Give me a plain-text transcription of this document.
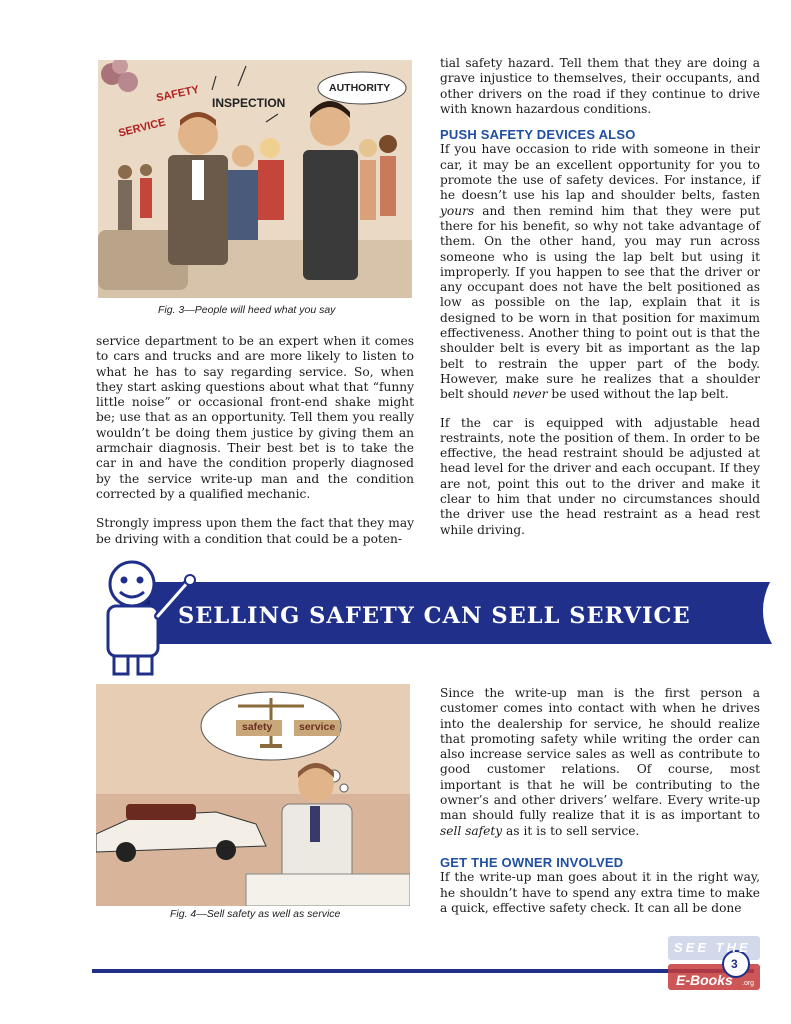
SAFETY INSPECTION
SERVICE
AUTHORITY
Fig. 3—People will heed what you say

service department to be an expert when it comes to cars and trucks and are more likely to listen to what he has to say regarding service. So, when they start asking questions about what that “funny little noise” or occasional front-end shake might be; use that as an opportunity. Tell them you really wouldn’t be doing them justice by giving them an armchair diagnosis. Their best bet is to take the car in and have the condition properly diagnosed by the service write-up man and the condition corrected by a qualified mechanic.

Strongly impress upon them the fact that they may be driving with a condition that could be a poten-

tial safety hazard. Tell them that they are doing a grave injustice to themselves, their occupants, and other drivers on the road if they continue to drive with known hazardous conditions.

PUSH SAFETY DEVICES ALSO

If you have occasion to ride with someone in their car, it may be an excellent opportunity for you to promote the use of safety devices. For instance, if he doesn’t use his lap and shoulder belts, fasten yours and then remind him that they were put there for his benefit, so why not take advantage of them. On the other hand, you may run across someone who is using the lap belt but using it improperly. If you happen to see that the driver or any occupant does not have the belt positioned as low as possible on the lap, explain that it is designed to be worn in that position for maximum effectiveness. Another thing to point out is that the shoulder belt is every bit as important as the lap belt to restrain the upper part of the body. However, make sure he realizes that a shoulder belt should never be used without the lap belt.

If the car is equipped with adjustable head restraints, note the position of them. In order to be effective, the head restraint should be adjusted at head level for the driver and each occupant. If they are not, point this out to the driver and make it clear to him that under no circumstances should the driver use the head restraint as a head rest while driving.

SELLING SAFETY CAN SELL SERVICE
safety	service
Fig. 4—Sell safety as well as service

Since the write-up man is the first person a customer comes into contact with when he drives into the dealership for service, he should realize that promoting safety while writing the order can also increase service sales as well as contribute to good customer relations. Of course, most important is that he will be contributing to the owner’s and other drivers’ welfare. Every write-up man should fully realize that it is as important to sell safety as it is to sell service.

GET THE OWNER INVOLVED

If the write-up man goes about it in the right way, he shouldn’t have to spend any extra time to make a quick, effective safety check. It can all be done

SEE THE
3
E-Books .org
